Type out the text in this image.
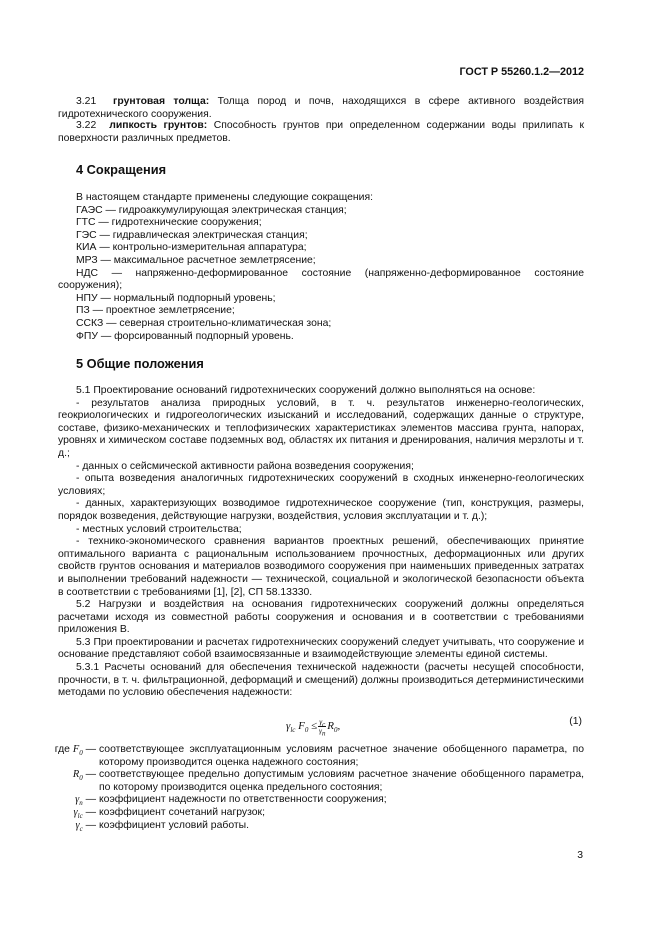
ГОСТ Р 55260.1.2—2012
3.21 грунтовая толща: Толща пород и почв, находящихся в сфере активного воздействия гидротехнического сооружения.
3.22 липкость грунтов: Способность грунтов при определенном содержании воды прилипать к поверхности различных предметов.
4 Сокращения
В настоящем стандарте применены следующие сокращения:
ГАЭС — гидроаккумулирующая электрическая станция;
ГТС — гидротехнические сооружения;
ГЭС — гидравлическая электрическая станция;
КИА — контрольно-измерительная аппаратура;
МРЗ — максимальное расчетное землетрясение;
НДС — напряженно-деформированное состояние (напряженно-деформированное состояние сооружения);
НПУ — нормальный подпорный уровень;
ПЗ — проектное землетрясение;
ССКЗ — северная строительно-климатическая зона;
ФПУ — форсированный подпорный уровень.
5 Общие положения
5.1 Проектирование оснований гидротехнических сооружений должно выполняться на основе:
- результатов анализа природных условий, в т. ч. результатов инженерно-геологических, геокриологических и гидрогеологических изысканий и исследований, содержащих данные о структуре, составе, физико-механических и теплофизических характеристиках элементов массива грунта, напорах, уровнях и химическом составе подземных вод, областях их питания и дренирования, наличия мерзлоты и т. д.;
- данных о сейсмической активности района возведения сооружения;
- опыта возведения аналогичных гидротехнических сооружений в сходных инженерно-геологических условиях;
- данных, характеризующих возводимое гидротехническое сооружение (тип, конструкция, размеры, порядок возведения, действующие нагрузки, воздействия, условия эксплуатации и т. д.);
- местных условий строительства;
- технико-экономического сравнения вариантов проектных решений, обеспечивающих принятие оптимального варианта с рациональным использованием прочностных, деформационных или других свойств грунтов основания и материалов возводимого сооружения при наименьших приведенных затратах и выполнении требований надежности — технической, социальной и экологической безопасности объекта в соответствии с требованиями [1], [2], СП 58.13330.
5.2 Нагрузки и воздействия на основания гидротехнических сооружений должны определяться расчетами исходя из совместной работы сооружения и основания и в соответствии с требованиями приложения В.
5.3 При проектировании и расчетах гидротехнических сооружений следует учитывать, что сооружение и основание представляют собой взаимосвязанные и взаимодействующие элементы единой системы.
5.3.1 Расчеты оснований для обеспечения технической надежности (расчеты несущей способности, прочности, в т. ч. фильтрационной, деформаций и смещений) должны производиться детерминистическими методами по условию обеспечения надежности:
$\gamma_{lc}$ $F_0 \le \frac{\gamma_c}{\gamma_n} R_0$,	(1)
где $F_0$ — соответствующее эксплуатационным условиям расчетное значение обобщенного параметра, по которому производится оценка надежного состояния;
$R_0$ — соответствующее предельно допустимым условиям расчетное значение обобщенного параметра, по которому производится оценка предельного состояния;
$\gamma_n$ — коэффициент надежности по ответственности сооружения;
$\gamma_{lc}$ — коэффициент сочетаний нагрузок;
$\gamma_c$ — коэффициент условий работы.
3
